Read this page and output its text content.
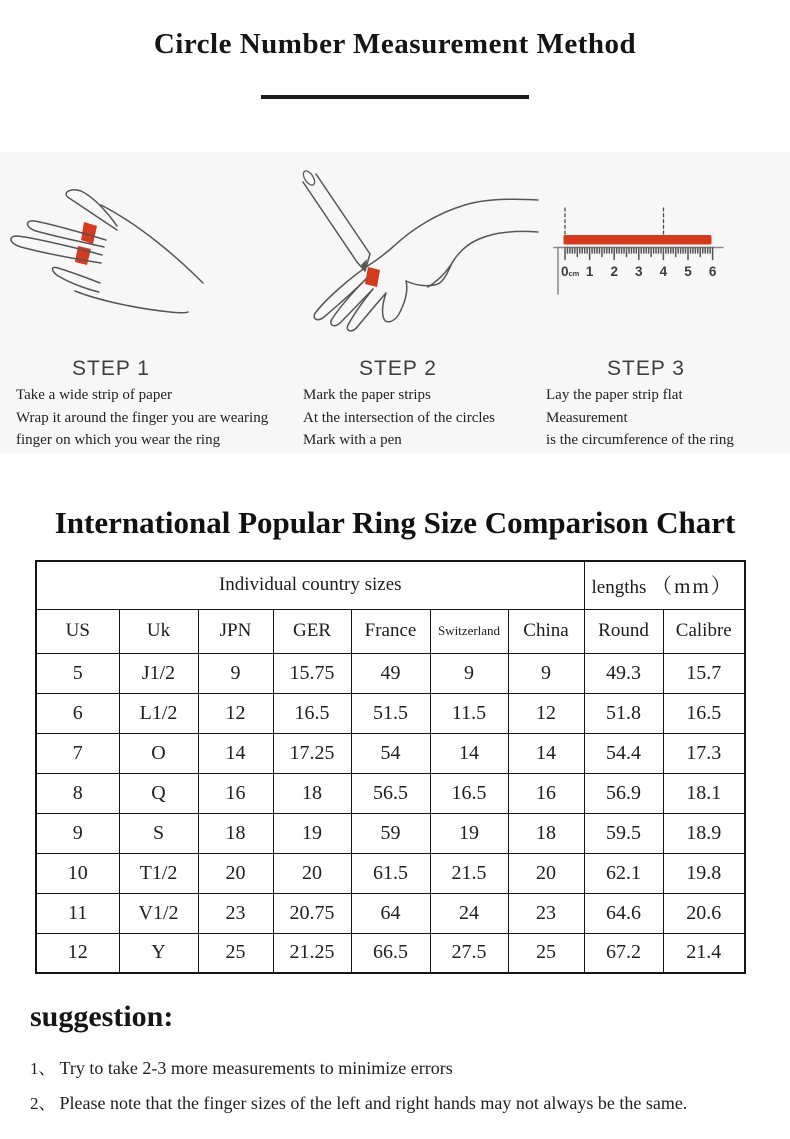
Circle Number Measurement Method
0cm 1 2 3 4 5 6
STEP 1	STEP 2	STEP 3
Take a wide strip of paper
Wrap it around the finger you are wearing
finger on which you wear the ring
Mark the paper strips
At the intersection of the circles
Mark with a pen
Lay the paper strip flat
Measurement
is the circumference of the ring
International Popular Ring Size Comparison Chart
Individual country sizes							lengths （mm）	
US	Uk	JPN	GER	France	Switzerland	China	Round	Calibre
5	J1/2	9	15.75	49	9	9	49.3	15.7
6	L1/2	12	16.5	51.5	11.5	12	51.8	16.5
7	O	14	17.25	54	14	14	54.4	17.3
8	Q	16	18	56.5	16.5	16	56.9	18.1
9	S	18	19	59	19	18	59.5	18.9
10	T1/2	20	20	61.5	21.5	20	62.1	19.8
11	V1/2	23	20.75	64	24	23	64.6	20.6
12	Y	25	21.25	66.5	27.5	25	67.2	21.4
suggestion:
1、 Try to take 2-3 more measurements to minimize errors
2、 Please note that the finger sizes of the left and right hands may not always be the same.
